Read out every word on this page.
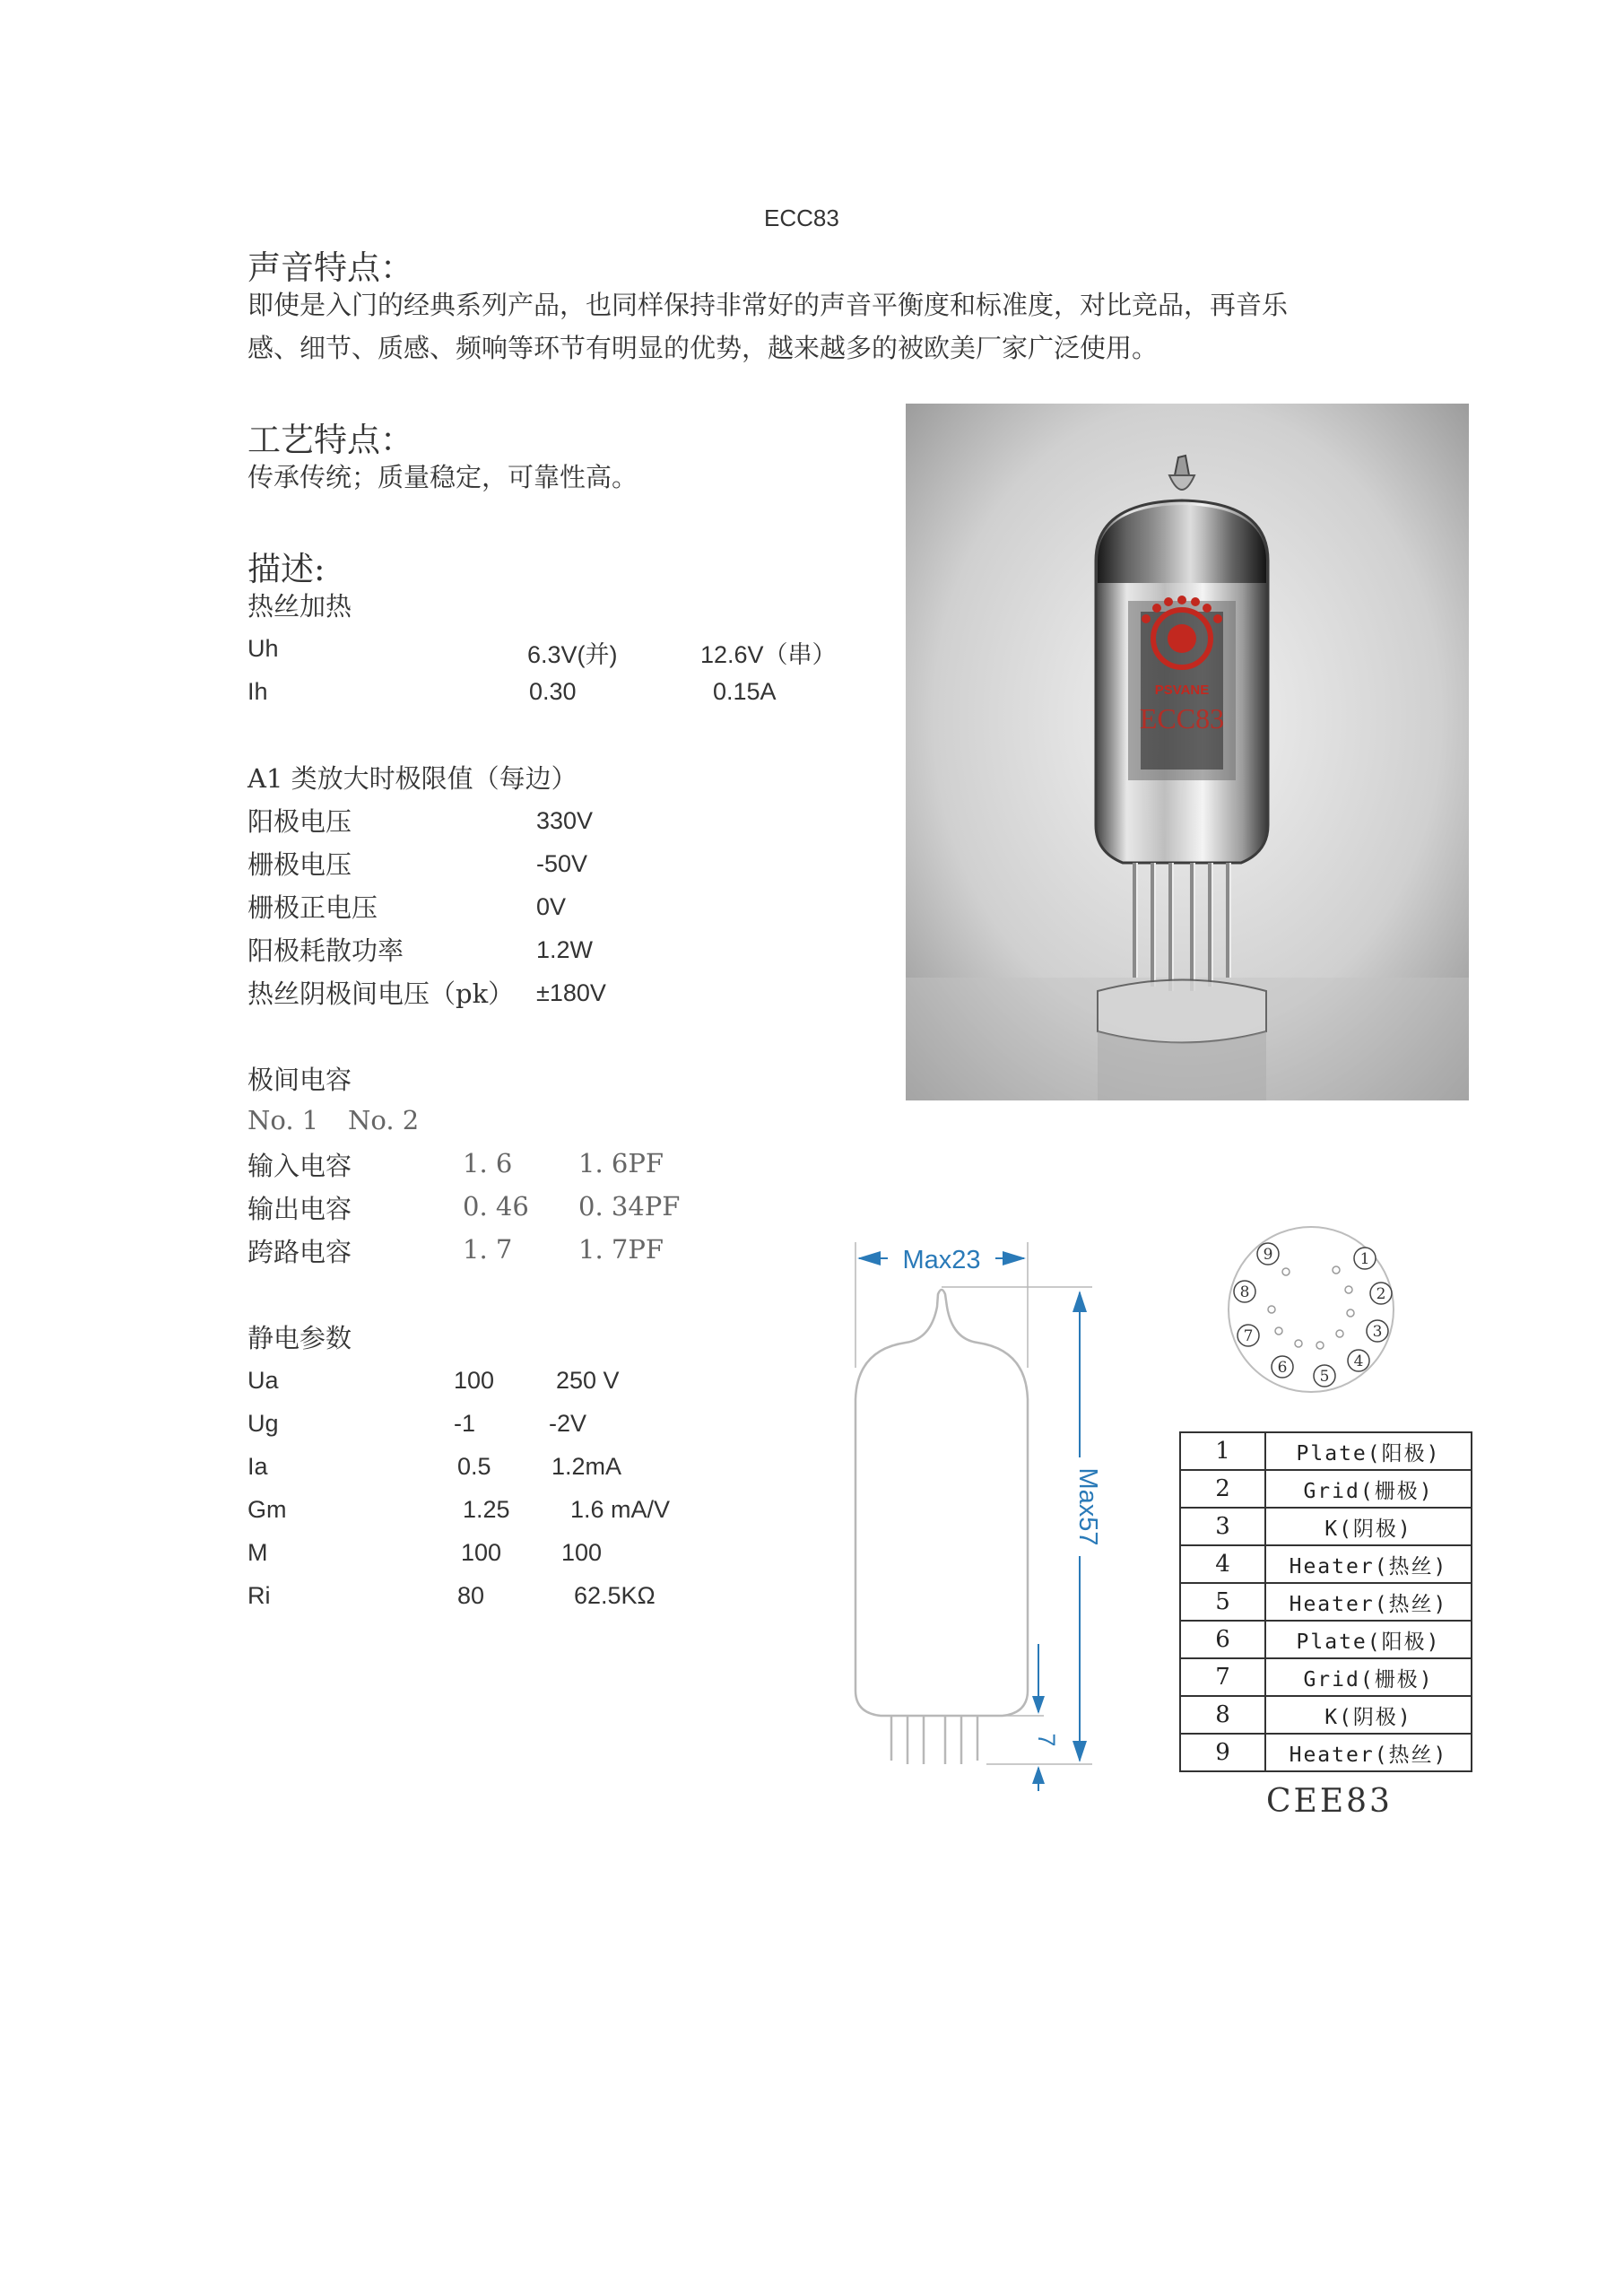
ECC83
声音特点：
即使是入门的经典系列产品，也同样保持非常好的声音平衡度和标准度，对比竞品，再音乐
感、细节、质感、频响等环节有明显的优势，越来越多的被欧美厂家广泛使用。
工艺特点：
传承传统；质量稳定，可靠性高。
描述:
热丝加热
Uh	6.3V(并)	12.6V（串）
Ih	0.30	0.15A
A1 类放大时极限值（每边）
阳极电压	330V
栅极电压	-50V
栅极正电压	0V
阳极耗散功率	1.2W
热丝阴极间电压（pk） ±180V
极间电容
No. 1 No. 2
输入电容	1. 6	1. 6PF
输出电容	0. 46 0. 34PF
跨路电容	1. 7	1. 7PF
静电参数
Ua	100	250 V
Ug	-1	-2V
Ia	0.5 1.2mA
Gm	1.25 1.6 mA/V
M	100 100
Ri	80	62.5KΩ
PSVANE
ECC83
Max23
Max57
7
1
2
3
4
5
6
7
8
9
1	Plate(阳极)
2	Grid(栅极)
3	K(阴极)
4	Heater(热丝)
5	Heater(热丝)
6	Plate(阳极)
7	Grid(栅极)
8	K(阴极)
9	Heater(热丝)
CEE83
